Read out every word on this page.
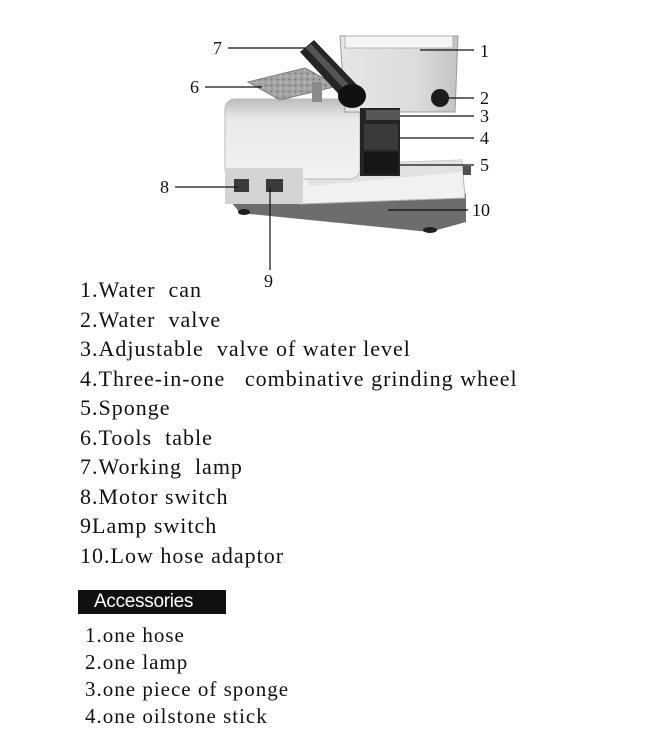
1
2
3
4
5
6
7
8
9
10
1.Water  can
2.Water  valve
3.Adjustable  valve of water level
4.Three-in-one   combinative grinding wheel
5.Sponge
6.Tools  table
7.Working  lamp
8.Motor switch
9Lamp switch
10.Low hose adaptor
Accessories
1.one hose
2.one lamp
3.one piece of sponge
4.one oilstone stick
